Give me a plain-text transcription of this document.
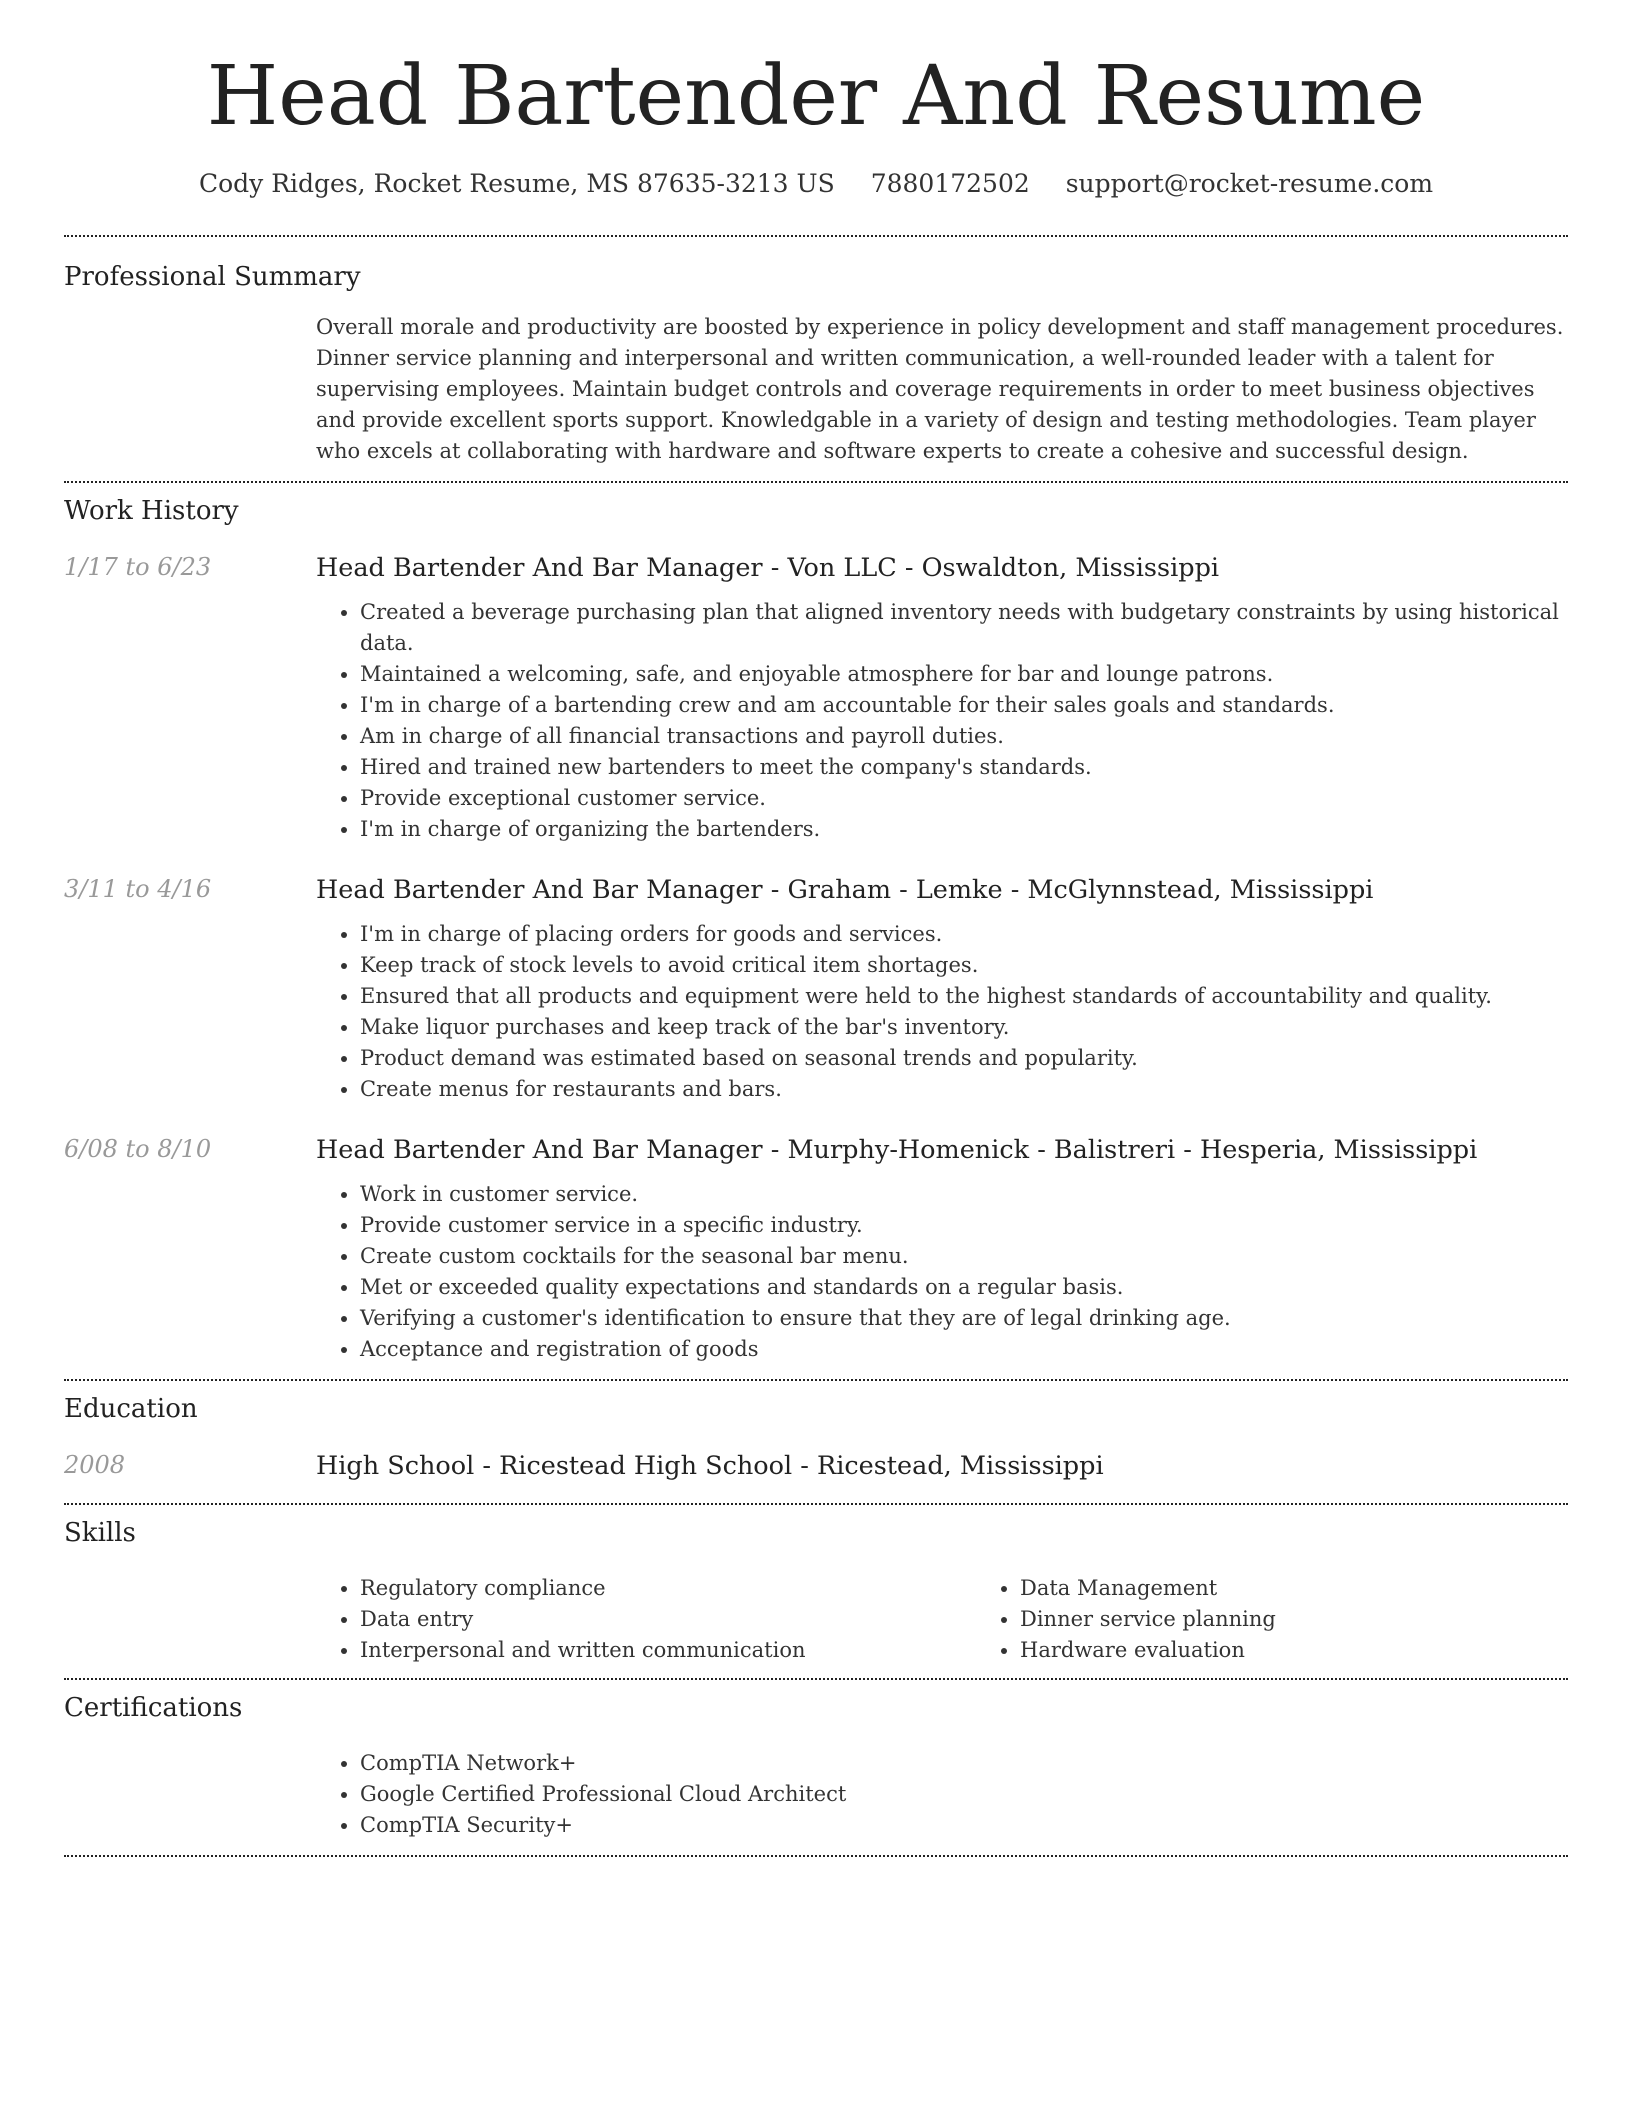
Head Bartender And Resume
Cody Ridges, Rocket Resume, MS 87635-3213 US 7880172502 support@rocket-resume.com
Professional Summary

Overall morale and productivity are boosted by experience in policy development and staff management procedures. Dinner service planning and interpersonal and written communication, a well-rounded leader with a talent for supervising employees. Maintain budget controls and coverage requirements in order to meet business objectives and provide excellent sports support. Knowledgable in a variety of design and testing methodologies. Team player who excels at collaborating with hardware and software experts to create a cohesive and successful design.

Work History
1/17 to 6/23	Head Bartender And Bar Manager - Von LLC - Oswaldton, Mississippi
• Created a beverage purchasing plan that aligned inventory needs with budgetary constraints by using historical data.
• Maintained a welcoming, safe, and enjoyable atmosphere for bar and lounge patrons.
• I'm in charge of a bartending crew and am accountable for their sales goals and standards.
• Am in charge of all financial transactions and payroll duties.
• Hired and trained new bartenders to meet the company's standards.
• Provide exceptional customer service.
• I'm in charge of organizing the bartenders.
3/11 to 4/16	Head Bartender And Bar Manager - Graham - Lemke - McGlynnstead, Mississippi
• I'm in charge of placing orders for goods and services.
• Keep track of stock levels to avoid critical item shortages.
• Ensured that all products and equipment were held to the highest standards of accountability and quality.
• Make liquor purchases and keep track of the bar's inventory.
• Product demand was estimated based on seasonal trends and popularity.
• Create menus for restaurants and bars.
6/08 to 8/10	Head Bartender And Bar Manager - Murphy-Homenick - Balistreri - Hesperia, Mississippi
• Work in customer service.
• Provide customer service in a specific industry.
• Create custom cocktails for the seasonal bar menu.
• Met or exceeded quality expectations and standards on a regular basis.
• Verifying a customer's identification to ensure that they are of legal drinking age.
• Acceptance and registration of goods
Education
2008	High School - Ricestead High School - Ricestead, Mississippi
Skills
• Regulatory compliance
• Data entry
• Interpersonal and written communication
• Data Management
• Dinner service planning
• Hardware evaluation
Certifications
• CompTIA Network+
• Google Certified Professional Cloud Architect
• CompTIA Security+
